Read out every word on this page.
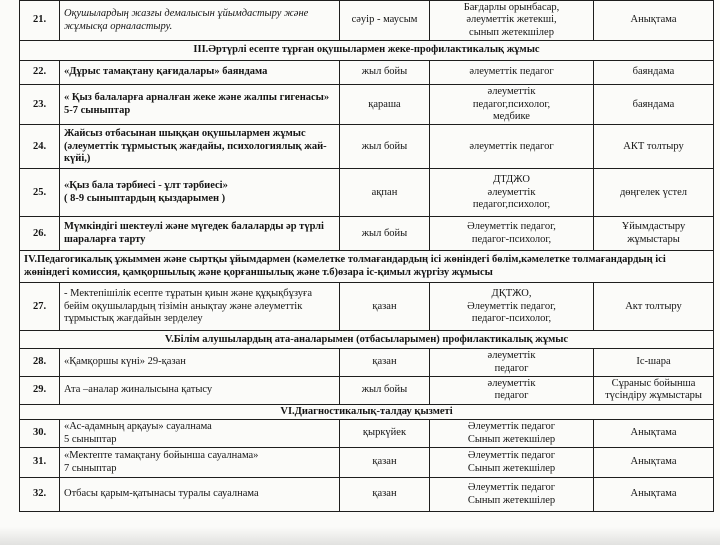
21.	Оқушылардың жазғы демалысын ұйымдастыру және
жұмысқа орналастыру.	сәуір - маусым	Бағдарлы орынбасар,
әлеуметтік жетекші,
сынып жетекшілер	Анықтама
ІІІ.Әртүрлі есепте тұрған оқушылармен жеке-профилактикалық жұмыс				
22.	«Дұрыс тамақтану қағидалары» баяндама	жыл бойы	әлеуметтік педагог	баяндама
23.	« Қыз балаларға арналған жеке және жалпы гигенасы»
5-7 сыныптар	қараша	әлеуметтік
педагог,психолог,
медбике	баяндама
24.	Жайсыз отбасынан шыққан оқушылармен жұмыс
(әлеуметтік тұрмыстық жағдайы, психологиялық жай-
күйі,)	жыл бойы	әлеуметтік педагог	АКТ толтыру
25.	«Қыз бала тәрбиесі - ұлт тәрбиесі»
( 8-9 сыныптардың қыздарымен )	ақпан	ДТДЖО
әлеуметтік
педагог,психолог,	дөңгелек үстел
26.	Мүмкіндігі шектеулі және мүгедек балаларды әр түрлі
шараларға тарту	жыл бойы	Әлеуметтік педагог,
педагог-психолог,	Ұйымдастыру жұмыстары
IV.Педагогикалық ұжыммен және сыртқы ұйымдармен (кәмелетке толмағандардың ісі жөніндегі бөлім,кәмелетке толмағандардың ісі жөніндегі комиссия, қамқоршылық және қорғаншылық және т.б)өзара іс-қимыл жүргізу жұмысы				
27.	- Мектепішілік есепте тұратын қиын және құқықбұзуға
бейім оқушылардың тізімін анықтау және әлеуметтік
тұрмыстық жағдайын зерделеу	қазан	ДҚТЖО,
Әлеуметтік педагог,
педагог-психолог,	Акт толтыру
V.Білім алушылардың ата-аналарымен (отбасыларымен) профилактикалық жұмыс				
28.	«Қамқоршы күні» 29-қазан	қазан	әлеуметтік
педагог	Іс-шара
29.	Ата –аналар жиналысына қатысу	жыл бойы	әлеуметтік
педагог	Сұраныс бойынша түсіндіру жұмыстары
VI.Диагностикалық-талдау қызметі				
30.	«Ас-адамның арқауы» сауалнама
5 сыныптар	қыркүйек	Әлеуметтік педагог
Сынып жетекшілер	Анықтама
31.	«Мектепте тамақтану бойынша сауалнама»
7 сыныптар	қазан	Әлеуметтік педагог
Сынып жетекшілер	Анықтама
32.	Отбасы қарым-қатынасы туралы сауалнама	қазан	Әлеуметтік педагог
Сынып жетекшілер	Анықтама
